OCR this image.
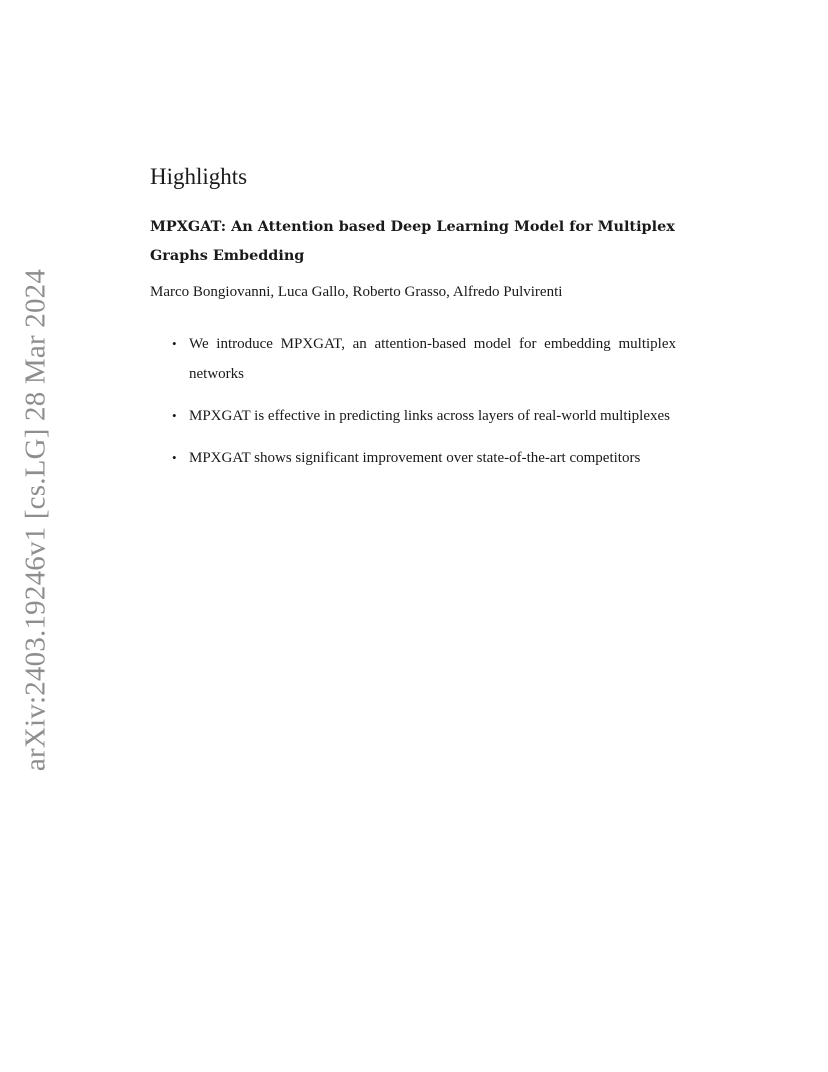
arXiv:2403.19246v1 [cs.LG] 28 Mar 2024
Highlights
MPXGAT: An Attention based Deep Learning Model for Multiplex Graphs Embedding
Marco Bongiovanni, Luca Gallo, Roberto Grasso, Alfredo Pulvirenti
• We introduce MPXGAT, an attention-based model for embedding multiplex networks
• MPXGAT is effective in predicting links across layers of real-world multiplexes
• MPXGAT shows significant improvement over state-of-the-art competitors
